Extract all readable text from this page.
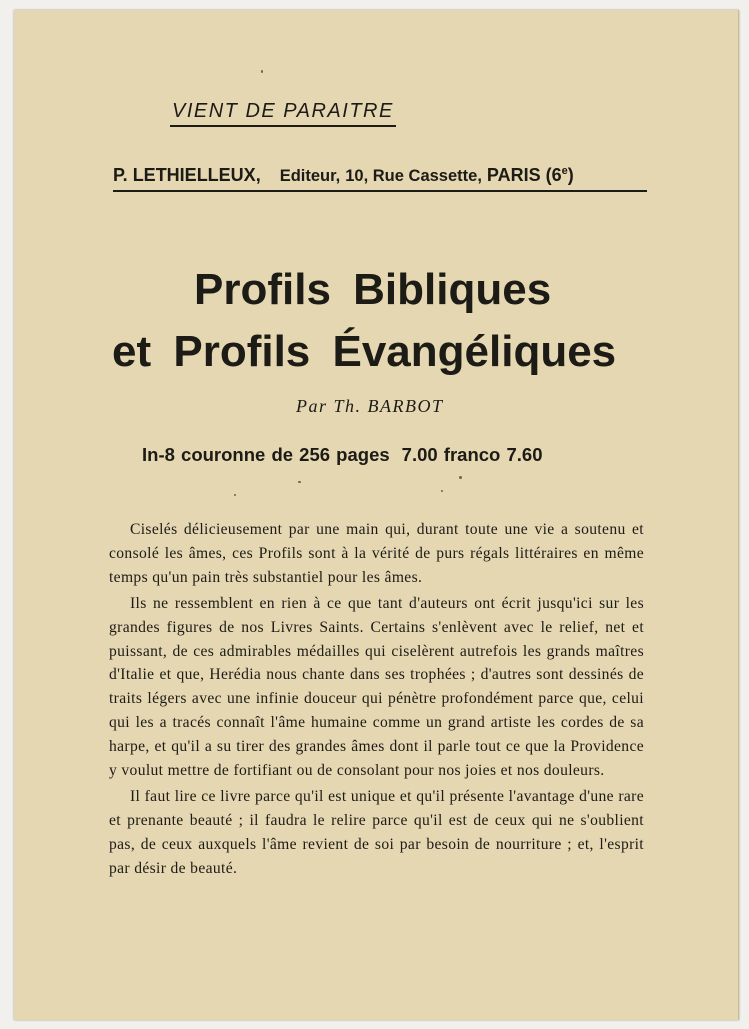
VIENT DE PARAITRE
P. LETHIELLEUX, Editeur, 10, Rue Cassette, PARIS (6e)
Profils Bibliques
et Profils Évangéliques
Par Th. BARBOT
In-8 couronne de 256 pages 7.00 franco 7.60

Ciselés délicieusement par une main qui, durant toute une vie a soutenu et consolé les âmes, ces Profils sont à la vérité de purs régals littéraires en même temps qu'un pain très substantiel pour les âmes.

Ils ne ressemblent en rien à ce que tant d'auteurs ont écrit jusqu'ici sur les grandes figures de nos Livres Saints. Certains s'enlèvent avec le relief, net et puissant, de ces admirables médailles qui ciselèrent autrefois les grands maîtres d'Italie et que, Herédia nous chante dans ses trophées ; d'autres sont dessinés de traits légers avec une infinie douceur qui pénètre profondément parce que, celui qui les a tracés connaît l'âme humaine comme un grand artiste les cordes de sa harpe, et qu'il a su tirer des grandes âmes dont il parle tout ce que la Providence y voulut mettre de fortifiant ou de consolant pour nos joies et nos douleurs.

Il faut lire ce livre parce qu'il est unique et qu'il présente l'avantage d'une rare et prenante beauté ; il faudra le relire parce qu'il est de ceux qui ne s'oublient pas, de ceux auxquels l'âme revient de soi par besoin de nourriture ; et, l'esprit par désir de beauté.
